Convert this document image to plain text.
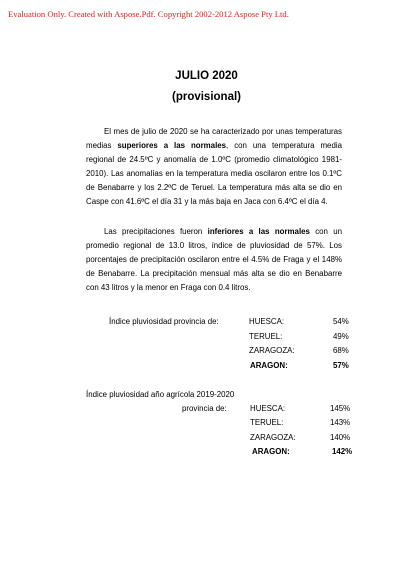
Evaluation Only. Created with Aspose.Pdf. Copyright 2002-2012 Aspose Pty Ltd.
JULIO 2020
(provisional)

El mes de julio de 2020 se ha caracterizado por unas temperaturas medias superiores a las normales, con una temperatura media regional de 24.5ºC y anomalía de 1.0ºC (promedio climatológico 1981-2010). Las anomalías en la temperatura media oscilaron entre los 0.1ºC de Benabarre y los 2.2ºC de Teruel. La temperatura más alta se dio en Caspe con 41.6ºC el día 31 y la más baja en Jaca con 6.4ºC el día 4.

Las precipitaciones fueron inferiores a las normales con un promedio regional de 13.0 litros, índice de pluviosidad de 57%. Los porcentajes de precipitación oscilaron entre el 4.5% de Fraga y el 148% de Benabarre. La precipitación mensual más alta se dio en Benabarre con 43 litros y la menor en Fraga con 0.4 litros.

Índice pluviosidad provincia de:	HUESCA:	54%
TERUEL:	49%
ZARAGOZA:	68%
ARAGON:	57%
Índice pluviosidad año agrícola 2019-2020
provincia de:	HUESCA:	145%
TERUEL:	143%
ZARAGOZA:	140%
ARAGON:	142%
